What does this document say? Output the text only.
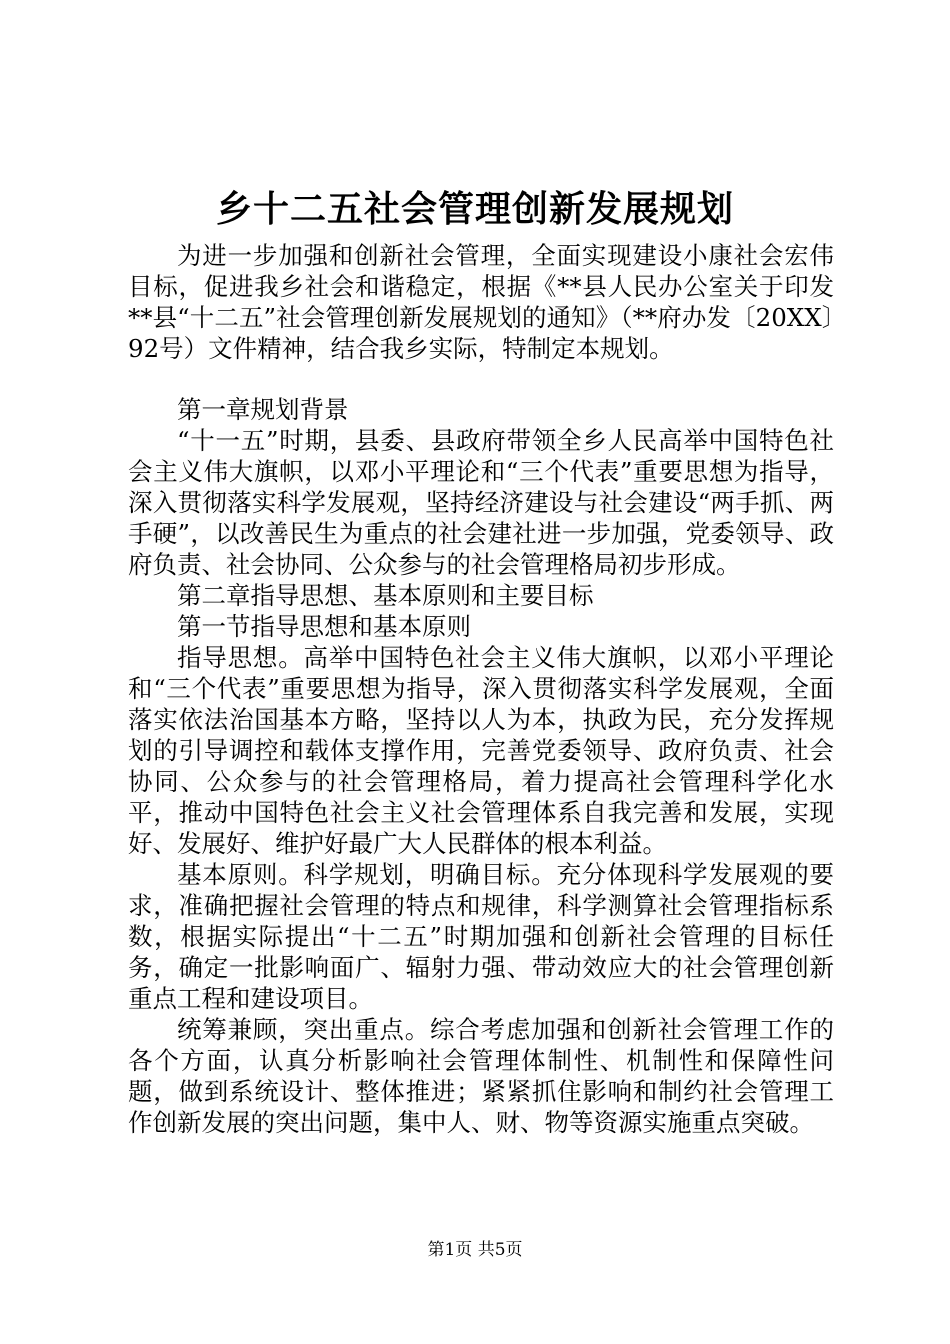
乡十二五社会管理创新发展规划

为进一步加强和创新社会管理，全面实现建设小康社会宏伟目标，促进我乡社会和谐稳定，根据《**县人民办公室关于印发**县“十二五”社会管理创新发展规划的通知》（**府办发〔20XX〕92号）文件精神，结合我乡实际，特制定本规划。

第一章规划背景

“十一五”时期，县委、县政府带领全乡人民高举中国特色社会主义伟大旗帜，以邓小平理论和“三个代表”重要思想为指导，深入贯彻落实科学发展观，坚持经济建设与社会建设“两手抓、两手硬”，以改善民生为重点的社会建社进一步加强，党委领导、政府负责、社会协同、公众参与的社会管理格局初步形成。

第二章指导思想、基本原则和主要目标

第一节指导思想和基本原则

指导思想。高举中国特色社会主义伟大旗帜，以邓小平理论和“三个代表”重要思想为指导，深入贯彻落实科学发展观，全面落实依法治国基本方略，坚持以人为本，执政为民，充分发挥规划的引导调控和载体支撑作用，完善党委领导、政府负责、社会协同、公众参与的社会管理格局，着力提高社会管理科学化水平，推动中国特色社会主义社会管理体系自我完善和发展，实现好、发展好、维护好最广大人民群体的根本利益。

基本原则。科学规划，明确目标。充分体现科学发展观的要求，准确把握社会管理的特点和规律，科学测算社会管理指标系数，根据实际提出“十二五”时期加强和创新社会管理的目标任务，确定一批影响面广、辐射力强、带动效应大的社会管理创新重点工程和建设项目。

统筹兼顾，突出重点。综合考虑加强和创新社会管理工作的各个方面，认真分析影响社会管理体制性、机制性和保障性问题，做到系统设计、整体推进；紧紧抓住影响和制约社会管理工作创新发展的突出问题，集中人、财、物等资源实施重点突破。

第1页 共5页
